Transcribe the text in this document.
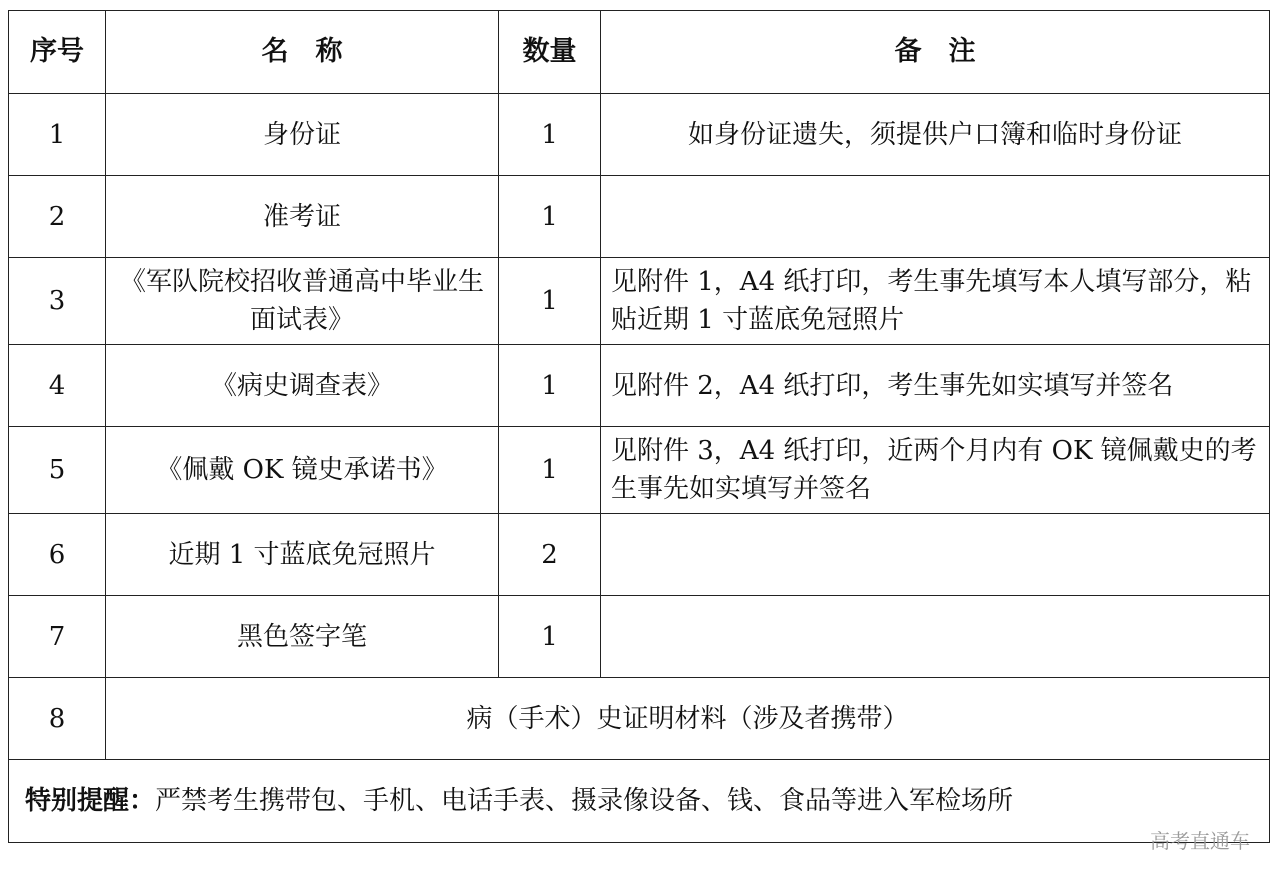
序号	名　称	数量	备　注
1	身份证	1	如身份证遗失，须提供户口簿和临时身份证
2	准考证	1	
3	《军队院校招收普通高中毕业生面试表》	1	见附件 1，A4 纸打印，考生事先填写本人填写部分，粘贴近期 1 寸蓝底免冠照片
4	《病史调查表》	1	见附件 2，A4 纸打印，考生事先如实填写并签名
5	《佩戴 OK 镜史承诺书》	1	见附件 3，A4 纸打印，近两个月内有 OK 镜佩戴史的考生事先如实填写并签名
6	近期 1 寸蓝底免冠照片	2	
7	黑色签字笔	1	
8	病（手术）史证明材料（涉及者携带）		
特别提醒：严禁考生携带包、手机、电话手表、摄录像设备、钱、食品等进入军检场所			
高考直通车
